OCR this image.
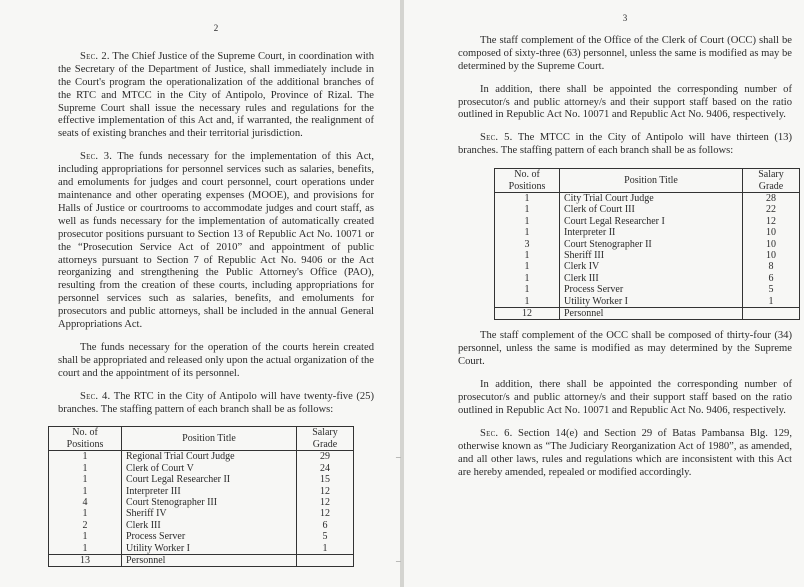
2

Sec. 2. The Chief Justice of the Supreme Court, in coordination with the Secretary of the Department of Justice, shall immediately include in the Court's program the operationalization of the additional branches of the RTC and MTCC in the City of Antipolo, Province of Rizal. The Supreme Court shall issue the necessary rules and regulations for the effective implementation of this Act and, if warranted, the realignment of seats of existing branches and their territorial jurisdiction.

Sec. 3. The funds necessary for the implementation of this Act, including appropriations for personnel services such as salaries, benefits, and emoluments for judges and court personnel, court operations under maintenance and other operating expenses (MOOE), and provisions for Halls of Justice or courtrooms to accommodate judges and court staff, as well as funds necessary for the implementation of automatically created prosecutor positions pursuant to Section 13 of Republic Act No. 10071 or the “Prosecution Service Act of 2010” and appointment of public attorneys pursuant to Section 7 of Republic Act No. 9406 or the Act reorganizing and strengthening the Public Attorney's Office (PAO), resulting from the creation of these courts, including appropriations for personnel services such as salaries, benefits, and emoluments for prosecutors and public attorneys, shall be included in the annual General Appropriations Act.

The funds necessary for the operation of the courts herein created shall be appropriated and released only upon the actual organization of the court and the appointment of its personnel.

Sec. 4. The RTC in the City of Antipolo will have twenty-five (25) branches. The staffing pattern of each branch shall be as follows:

No. of Positions	Position Title	Salary Grade
1	Regional Trial Court Judge	29
1	Clerk of Court V	24
1	Court Legal Researcher II	15
1	Interpreter III	12
4	Court Stenographer III	12
1	Sheriff IV	12
2	Clerk III	6
1	Process Server	5
1	Utility Worker I	1
13	Personnel	
–
–
3

The staff complement of the Office of the Clerk of Court (OCC) shall be composed of sixty-three (63) personnel, unless the same is modified as may be determined by the Supreme Court.

In addition, there shall be appointed the corresponding number of prosecutor/s and public attorney/s and their support staff based on the ratio outlined in Republic Act No. 10071 and Republic Act No. 9406, respectively.

Sec. 5. The MTCC in the City of Antipolo will have thirteen (13) branches. The staffing pattern of each branch shall be as follows:

No. of Positions	Position Title	Salary Grade
1	City Trial Court Judge	28
1	Clerk of Court III	22
1	Court Legal Researcher I	12
1	Interpreter II	10
3	Court Stenographer II	10
1	Sheriff III	10
1	Clerk IV	8
1	Clerk III	6
1	Process Server	5
1	Utility Worker I	1
12	Personnel	

The staff complement of the OCC shall be composed of thirty-four (34) personnel, unless the same is modified as may determined by the Supreme Court.

In addition, there shall be appointed the corresponding number of prosecutor/s and public attorney/s and their support staff based on the ratio outlined in Republic Act No. 10071 and Republic Act No. 9406, respectively.

Sec. 6. Section 14(e) and Section 29 of Batas Pambansa Blg. 129, otherwise known as “The Judiciary Reorganization Act of 1980”, as amended, and all other laws, rules and regulations which are inconsistent with this Act are hereby amended, repealed or modified accordingly.
